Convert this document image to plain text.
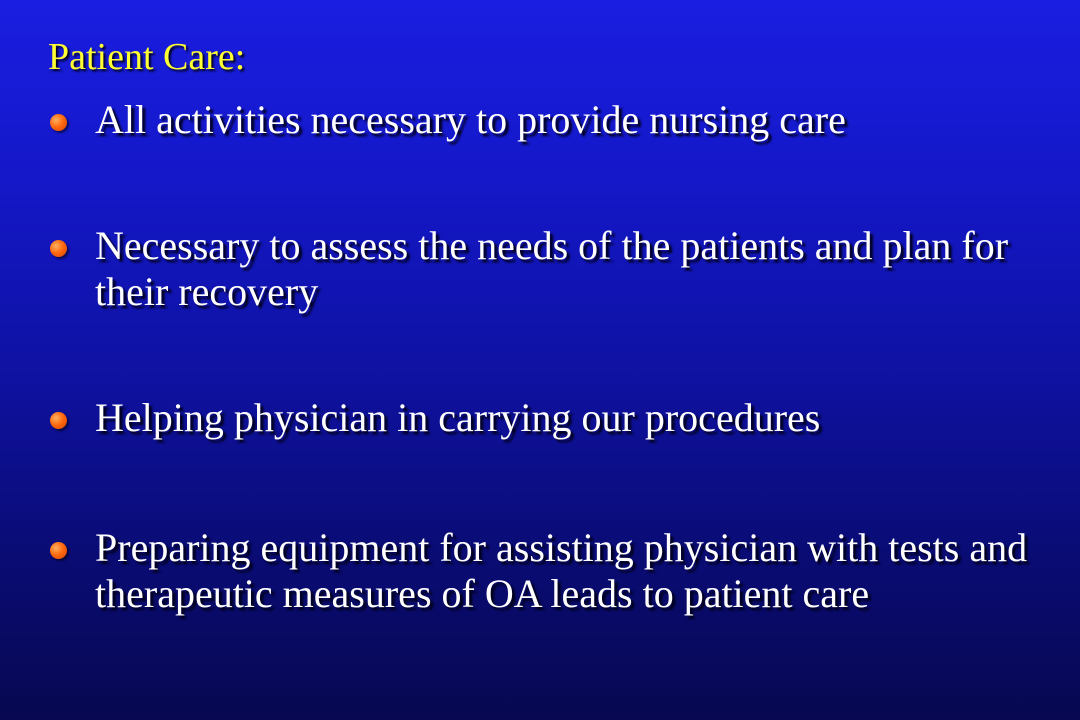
Patient Care:
All activities necessary to provide nursing care
Necessary to assess the needs of the patients and plan for their recovery
Helping physician in carrying our procedures
Preparing equipment for assisting physician with tests and therapeutic measures of OA leads to patient care
